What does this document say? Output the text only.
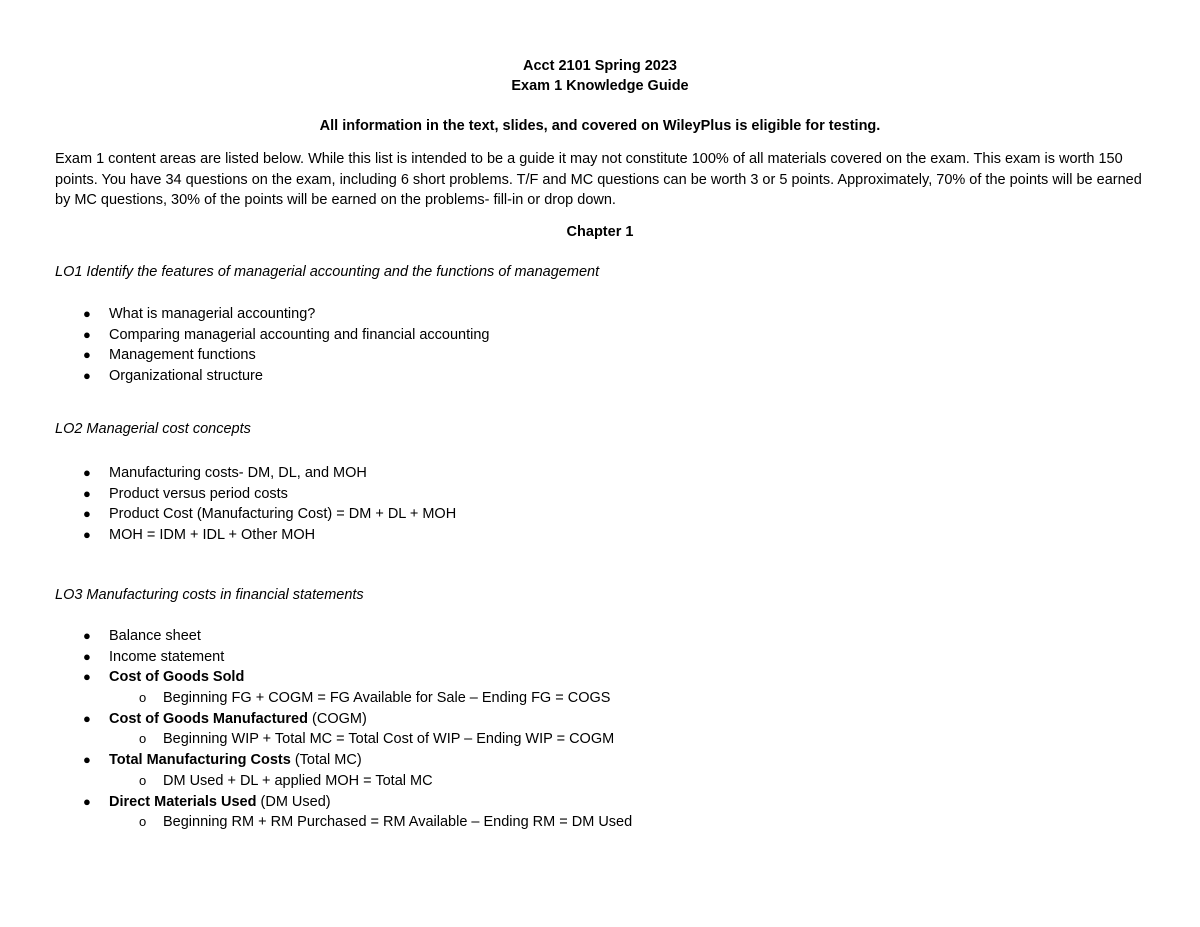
Acct 2101 Spring 2023
Exam 1 Knowledge Guide
All information in the text, slides, and covered on WileyPlus is eligible for testing.
Exam 1 content areas are listed below. While this list is intended to be a guide it may not constitute 100% of all materials covered on the exam. This exam is worth 150 points. You have 34 questions on the exam, including 6 short problems. T/F and MC questions can be worth 3 or 5 points. Approximately, 70% of the points will be earned by MC questions, 30% of the points will be earned on the problems- fill-in or drop down.
Chapter 1
LO1 Identify the features of managerial accounting and the functions of management
● What is managerial accounting?
● Comparing managerial accounting and financial accounting
● Management functions
● Organizational structure
LO2 Managerial cost concepts
● Manufacturing costs- DM, DL, and MOH
● Product versus period costs
● Product Cost (Manufacturing Cost) = DM + DL + MOH
● MOH = IDM + IDL + Other MOH
LO3 Manufacturing costs in financial statements
● Balance sheet
● Income statement
● Cost of Goods Sold
o Beginning FG + COGM = FG Available for Sale – Ending FG = COGS
● Cost of Goods Manufactured (COGM)
o Beginning WIP + Total MC = Total Cost of WIP – Ending WIP = COGM
● Total Manufacturing Costs (Total MC)
o DM Used + DL + applied MOH = Total MC
● Direct Materials Used (DM Used)
o Beginning RM + RM Purchased = RM Available – Ending RM = DM Used
